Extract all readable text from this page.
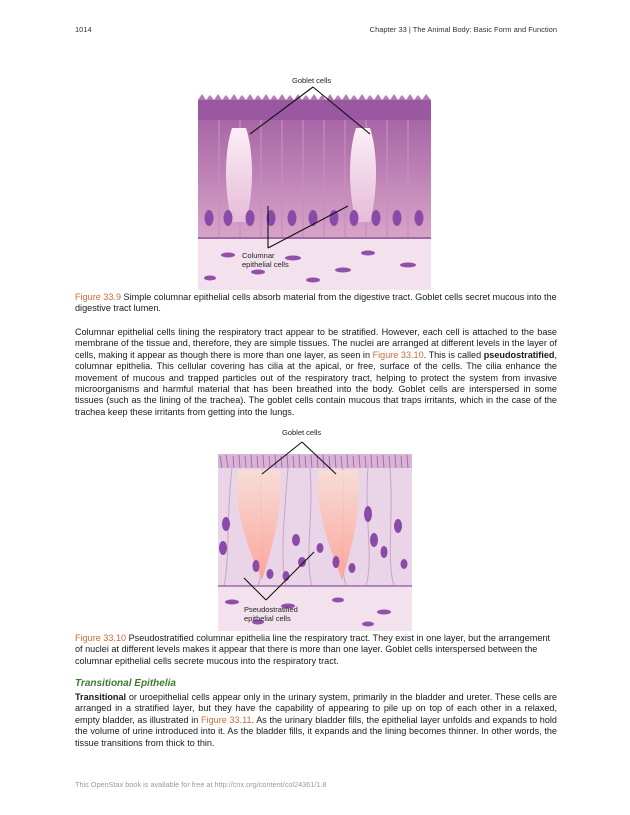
1014	Chapter 33 | The Animal Body: Basic Form and Function
Goblet cells
Columnar
epithelial cells
Figure 33.9 Simple columnar epithelial cells absorb material from the digestive tract. Goblet cells secret mucous into the digestive tract lumen.

Columnar epithelial cells lining the respiratory tract appear to be stratified. However, each cell is attached to the base membrane of the tissue and, therefore, they are simple tissues. The nuclei are arranged at different levels in the layer of cells, making it appear as though there is more than one layer, as seen in Figure 33.10. This is called pseudostratified, columnar epithelia. This cellular covering has cilia at the apical, or free, surface of the cells. The cilia enhance the movement of mucous and trapped particles out of the respiratory tract, helping to protect the system from invasive microorganisms and harmful material that has been breathed into the body. Goblet cells are interspersed in some tissues (such as the lining of the trachea). The goblet cells contain mucous that traps irritants, which in the case of the trachea keep these irritants from getting into the lungs.

Goblet cells
Pseudostratified
epithelial cells
Figure 33.10 Pseudostratified columnar epithelia line the respiratory tract. They exist in one layer, but the arrangement of nuclei at different levels makes it appear that there is more than one layer. Goblet cells interspersed between the columnar epithelial cells secrete mucous into the respiratory tract.
Transitional Epithelia

Transitional or uroepithelial cells appear only in the urinary system, primarily in the bladder and ureter. These cells are arranged in a stratified layer, but they have the capability of appearing to pile up on top of each other in a relaxed, empty bladder, as illustrated in Figure 33.11. As the urinary bladder fills, the epithelial layer unfolds and expands to hold the volume of urine introduced into it. As the bladder fills, it expands and the lining becomes thinner. In other words, the tissue transitions from thick to thin.

This OpenStax book is available for free at http://cnx.org/content/col24361/1.8
